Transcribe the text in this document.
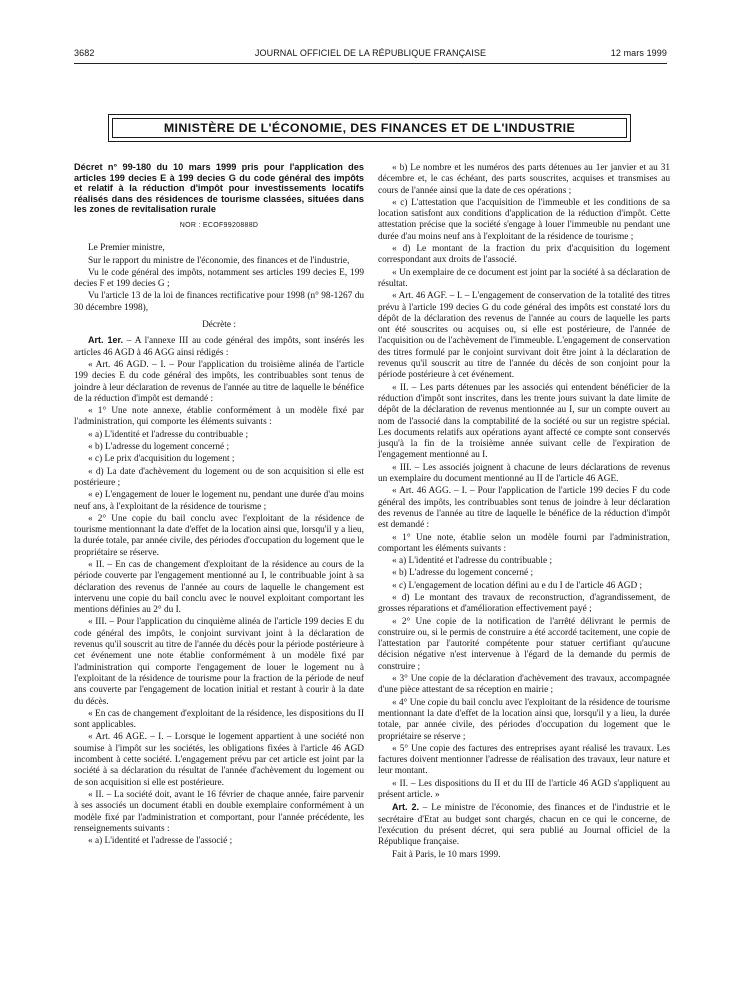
3682	JOURNAL OFFICIEL DE LA RÉPUBLIQUE FRANÇAISE	12 mars 1999
MINISTÈRE DE L'ÉCONOMIE, DES FINANCES ET DE L'INDUSTRIE
Décret n° 99-180 du 10 mars 1999 pris pour l'application des articles 199 decies E à 199 decies G du code général des impôts et relatif à la réduction d'impôt pour investissements locatifs réalisés dans des résidences de tourisme classées, situées dans les zones de revitalisation rurale
NOR : ECOF9920888D

Le Premier ministre,

Sur le rapport du ministre de l'économie, des finances et de l'industrie,

Vu le code général des impôts, notamment ses articles 199 decies E, 199 decies F et 199 decies G ;

Vu l'article 13 de la loi de finances rectificative pour 1998 (n° 98-1267 du 30 décembre 1998),

Décrète :

Art. 1er. – A l'annexe III au code général des impôts, sont insérés les articles 46 AGD à 46 AGG ainsi rédigés :

« Art. 46 AGD. – I. – Pour l'application du troisième alinéa de l'article 199 decies E du code général des impôts, les contribuables sont tenus de joindre à leur déclaration de revenus de l'année au titre de laquelle le bénéfice de la réduction d'impôt est demandé :

« 1° Une note annexe, établie conformément à un modèle fixé par l'administration, qui comporte les éléments suivants :

« a) L'identité et l'adresse du contribuable ;

« b) L'adresse du logement concerné ;

« c) Le prix d'acquisition du logement ;

« d) La date d'achèvement du logement ou de son acquisition si elle est postérieure ;

« e) L'engagement de louer le logement nu, pendant une durée d'au moins neuf ans, à l'exploitant de la résidence de tourisme ;

« 2° Une copie du bail conclu avec l'exploitant de la résidence de tourisme mentionnant la date d'effet de la location ainsi que, lorsqu'il y a lieu, la durée totale, par année civile, des périodes d'occupation du logement que le propriétaire se réserve.

« II. – En cas de changement d'exploitant de la résidence au cours de la période couverte par l'engagement mentionné au I, le contribuable joint à sa déclaration des revenus de l'année au cours de laquelle le changement est intervenu une copie du bail conclu avec le nouvel exploitant comportant les mentions définies au 2° du I.

« III. – Pour l'application du cinquième alinéa de l'article 199 decies E du code général des impôts, le conjoint survivant joint à la déclaration de revenus qu'il souscrit au titre de l'année du décès pour la période postérieure à cet événement une note établie conformément à un modèle fixé par l'administration qui comporte l'engagement de louer le logement nu à l'exploitant de la résidence de tourisme pour la fraction de la période de neuf ans couverte par l'engagement de location initial et restant à courir à la date du décès.

« En cas de changement d'exploitant de la résidence, les dispositions du II sont applicables.

« Art. 46 AGE. – I. – Lorsque le logement appartient à une société non soumise à l'impôt sur les sociétés, les obligations fixées à l'article 46 AGD incombent à cette société. L'engagement prévu par cet article est joint par la société à sa déclaration du résultat de l'année d'achèvement du logement ou de son acquisition si elle est postérieure.

« II. – La société doit, avant le 16 février de chaque année, faire parvenir à ses associés un document établi en double exemplaire conformément à un modèle fixé par l'administration et comportant, pour l'année précédente, les renseignements suivants :

« a) L'identité et l'adresse de l'associé ;

« b) Le nombre et les numéros des parts détenues au 1er janvier et au 31 décembre et, le cas échéant, des parts souscrites, acquises et transmises au cours de l'année ainsi que la date de ces opérations ;

« c) L'attestation que l'acquisition de l'immeuble et les conditions de sa location satisfont aux conditions d'application de la réduction d'impôt. Cette attestation précise que la société s'engage à louer l'immeuble nu pendant une durée d'au moins neuf ans à l'exploitant de la résidence de tourisme ;

« d) Le montant de la fraction du prix d'acquisition du logement correspondant aux droits de l'associé.

« Un exemplaire de ce document est joint par la société à sa déclaration de résultat.

« Art. 46 AGF. – I. – L'engagement de conservation de la totalité des titres prévu à l'article 199 decies G du code général des impôts est constaté lors du dépôt de la déclaration des revenus de l'année au cours de laquelle les parts ont été souscrites ou acquises ou, si elle est postérieure, de l'année de l'acquisition ou de l'achèvement de l'immeuble. L'engagement de conservation des titres formulé par le conjoint survivant doit être joint à la déclaration de revenus qu'il souscrit au titre de l'année du décès de son conjoint pour la période postérieure à cet événement.

« II. – Les parts détenues par les associés qui entendent bénéficier de la réduction d'impôt sont inscrites, dans les trente jours suivant la date limite de dépôt de la déclaration de revenus mentionnée au I, sur un compte ouvert au nom de l'associé dans la comptabilité de la société ou sur un registre spécial. Les documents relatifs aux opérations ayant affecté ce compte sont conservés jusqu'à la fin de la troisième année suivant celle de l'expiration de l'engagement mentionné au I.

« III. – Les associés joignent à chacune de leurs déclarations de revenus un exemplaire du document mentionné au II de l'article 46 AGE.

« Art. 46 AGG. – I. – Pour l'application de l'article 199 decies F du code général des impôts, les contribuables sont tenus de joindre à leur déclaration des revenus de l'année au titre de laquelle le bénéfice de la réduction d'impôt est demandé :

« 1° Une note, établie selon un modèle fourni par l'administration, comportant les éléments suivants :

« a) L'identité et l'adresse du contribuable ;

« b) L'adresse du logement concerné ;

« c) L'engagement de location défini au e du I de l'article 46 AGD ;

« d) Le montant des travaux de reconstruction, d'agrandissement, de grosses réparations et d'amélioration effectivement payé ;

« 2° Une copie de la notification de l'arrêté délivrant le permis de construire ou, si le permis de construire a été accordé tacitement, une copie de l'attestation par l'autorité compétente pour statuer certifiant qu'aucune décision négative n'est intervenue à l'égard de la demande du permis de construire ;

« 3° Une copie de la déclaration d'achèvement des travaux, accompagnée d'une pièce attestant de sa réception en mairie ;

« 4° Une copie du bail conclu avec l'exploitant de la résidence de tourisme mentionnant la date d'effet de la location ainsi que, lorsqu'il y a lieu, la durée totale, par année civile, des périodes d'occupation du logement que le propriétaire se réserve ;

« 5° Une copie des factures des entreprises ayant réalisé les travaux. Les factures doivent mentionner l'adresse de réalisation des travaux, leur nature et leur montant.

« II. – Les dispositions du II et du III de l'article 46 AGD s'appliquent au présent article. »

Art. 2. – Le ministre de l'économie, des finances et de l'industrie et le secrétaire d'Etat au budget sont chargés, chacun en ce qui le concerne, de l'exécution du présent décret, qui sera publié au Journal officiel de la République française.

Fait à Paris, le 10 mars 1999.
